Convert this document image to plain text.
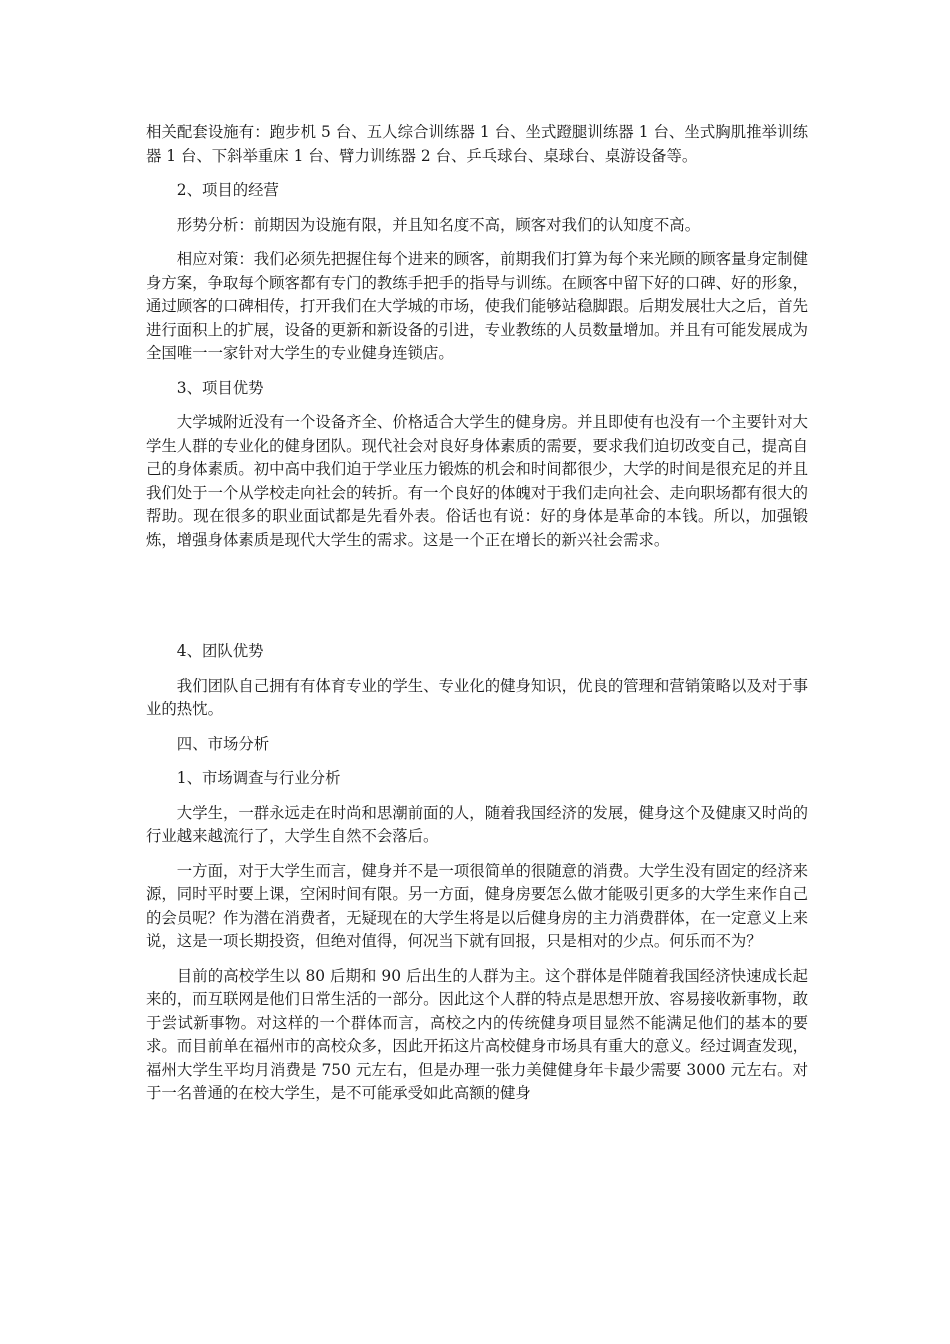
相关配套设施有：跑步机 5 台、五人综合训练器 1 台、坐式蹬腿训练器 1 台、坐式胸肌推举训练器 1 台、下斜举重床 1 台、臂力训练器 2 台、乒乓球台、桌球台、桌游设备等。

2、项目的经营

形势分析：前期因为设施有限，并且知名度不高，顾客对我们的认知度不高。

相应对策：我们必须先把握住每个进来的顾客，前期我们打算为每个来光顾的顾客量身定制健身方案，争取每个顾客都有专门的教练手把手的指导与训练。在顾客中留下好的口碑、好的形象，通过顾客的口碑相传，打开我们在大学城的市场，使我们能够站稳脚跟。后期发展壮大之后，首先进行面积上的扩展，设备的更新和新设备的引进，专业教练的人员数量增加。并且有可能发展成为全国唯一一家针对大学生的专业健身连锁店。

3、项目优势

大学城附近没有一个设备齐全、价格适合大学生的健身房。并且即使有也没有一个主要针对大学生人群的专业化的健身团队。现代社会对良好身体素质的需要，要求我们迫切改变自己，提高自己的身体素质。初中高中我们迫于学业压力锻炼的机会和时间都很少，大学的时间是很充足的并且我们处于一个从学校走向社会的转折。有一个良好的体魄对于我们走向社会、走向职场都有很大的帮助。现在很多的职业面试都是先看外表。俗话也有说：好的身体是革命的本钱。所以，加强锻炼，增强身体素质是现代大学生的需求。这是一个正在增长的新兴社会需求。

4、团队优势

我们团队自己拥有有体育专业的学生、专业化的健身知识，优良的管理和营销策略以及对于事业的热忱。

四、市场分析

1、市场调查与行业分析

大学生，一群永远走在时尚和思潮前面的人，随着我国经济的发展，健身这个及健康又时尚的行业越来越流行了，大学生自然不会落后。

一方面，对于大学生而言，健身并不是一项很简单的很随意的消费。大学生没有固定的经济来源，同时平时要上课，空闲时间有限。另一方面，健身房要怎么做才能吸引更多的大学生来作自己的会员呢？作为潜在消费者，无疑现在的大学生将是以后健身房的主力消费群体，在一定意义上来说，这是一项长期投资，但绝对值得，何况当下就有回报，只是相对的少点。何乐而不为？

目前的高校学生以 80 后期和 90 后出生的人群为主。这个群体是伴随着我国经济快速成长起来的，而互联网是他们日常生活的一部分。因此这个人群的特点是思想开放、容易接收新事物，敢于尝试新事物。对这样的一个群体而言，高校之内的传统健身项目显然不能满足他们的基本的要求。而目前单在福州市的高校众多，因此开拓这片高校健身市场具有重大的意义。经过调查发现，福州大学生平均月消费是 750 元左右，但是办理一张力美健健身年卡最少需要 3000 元左右。对于一名普通的在校大学生，是不可能承受如此高额的健身
